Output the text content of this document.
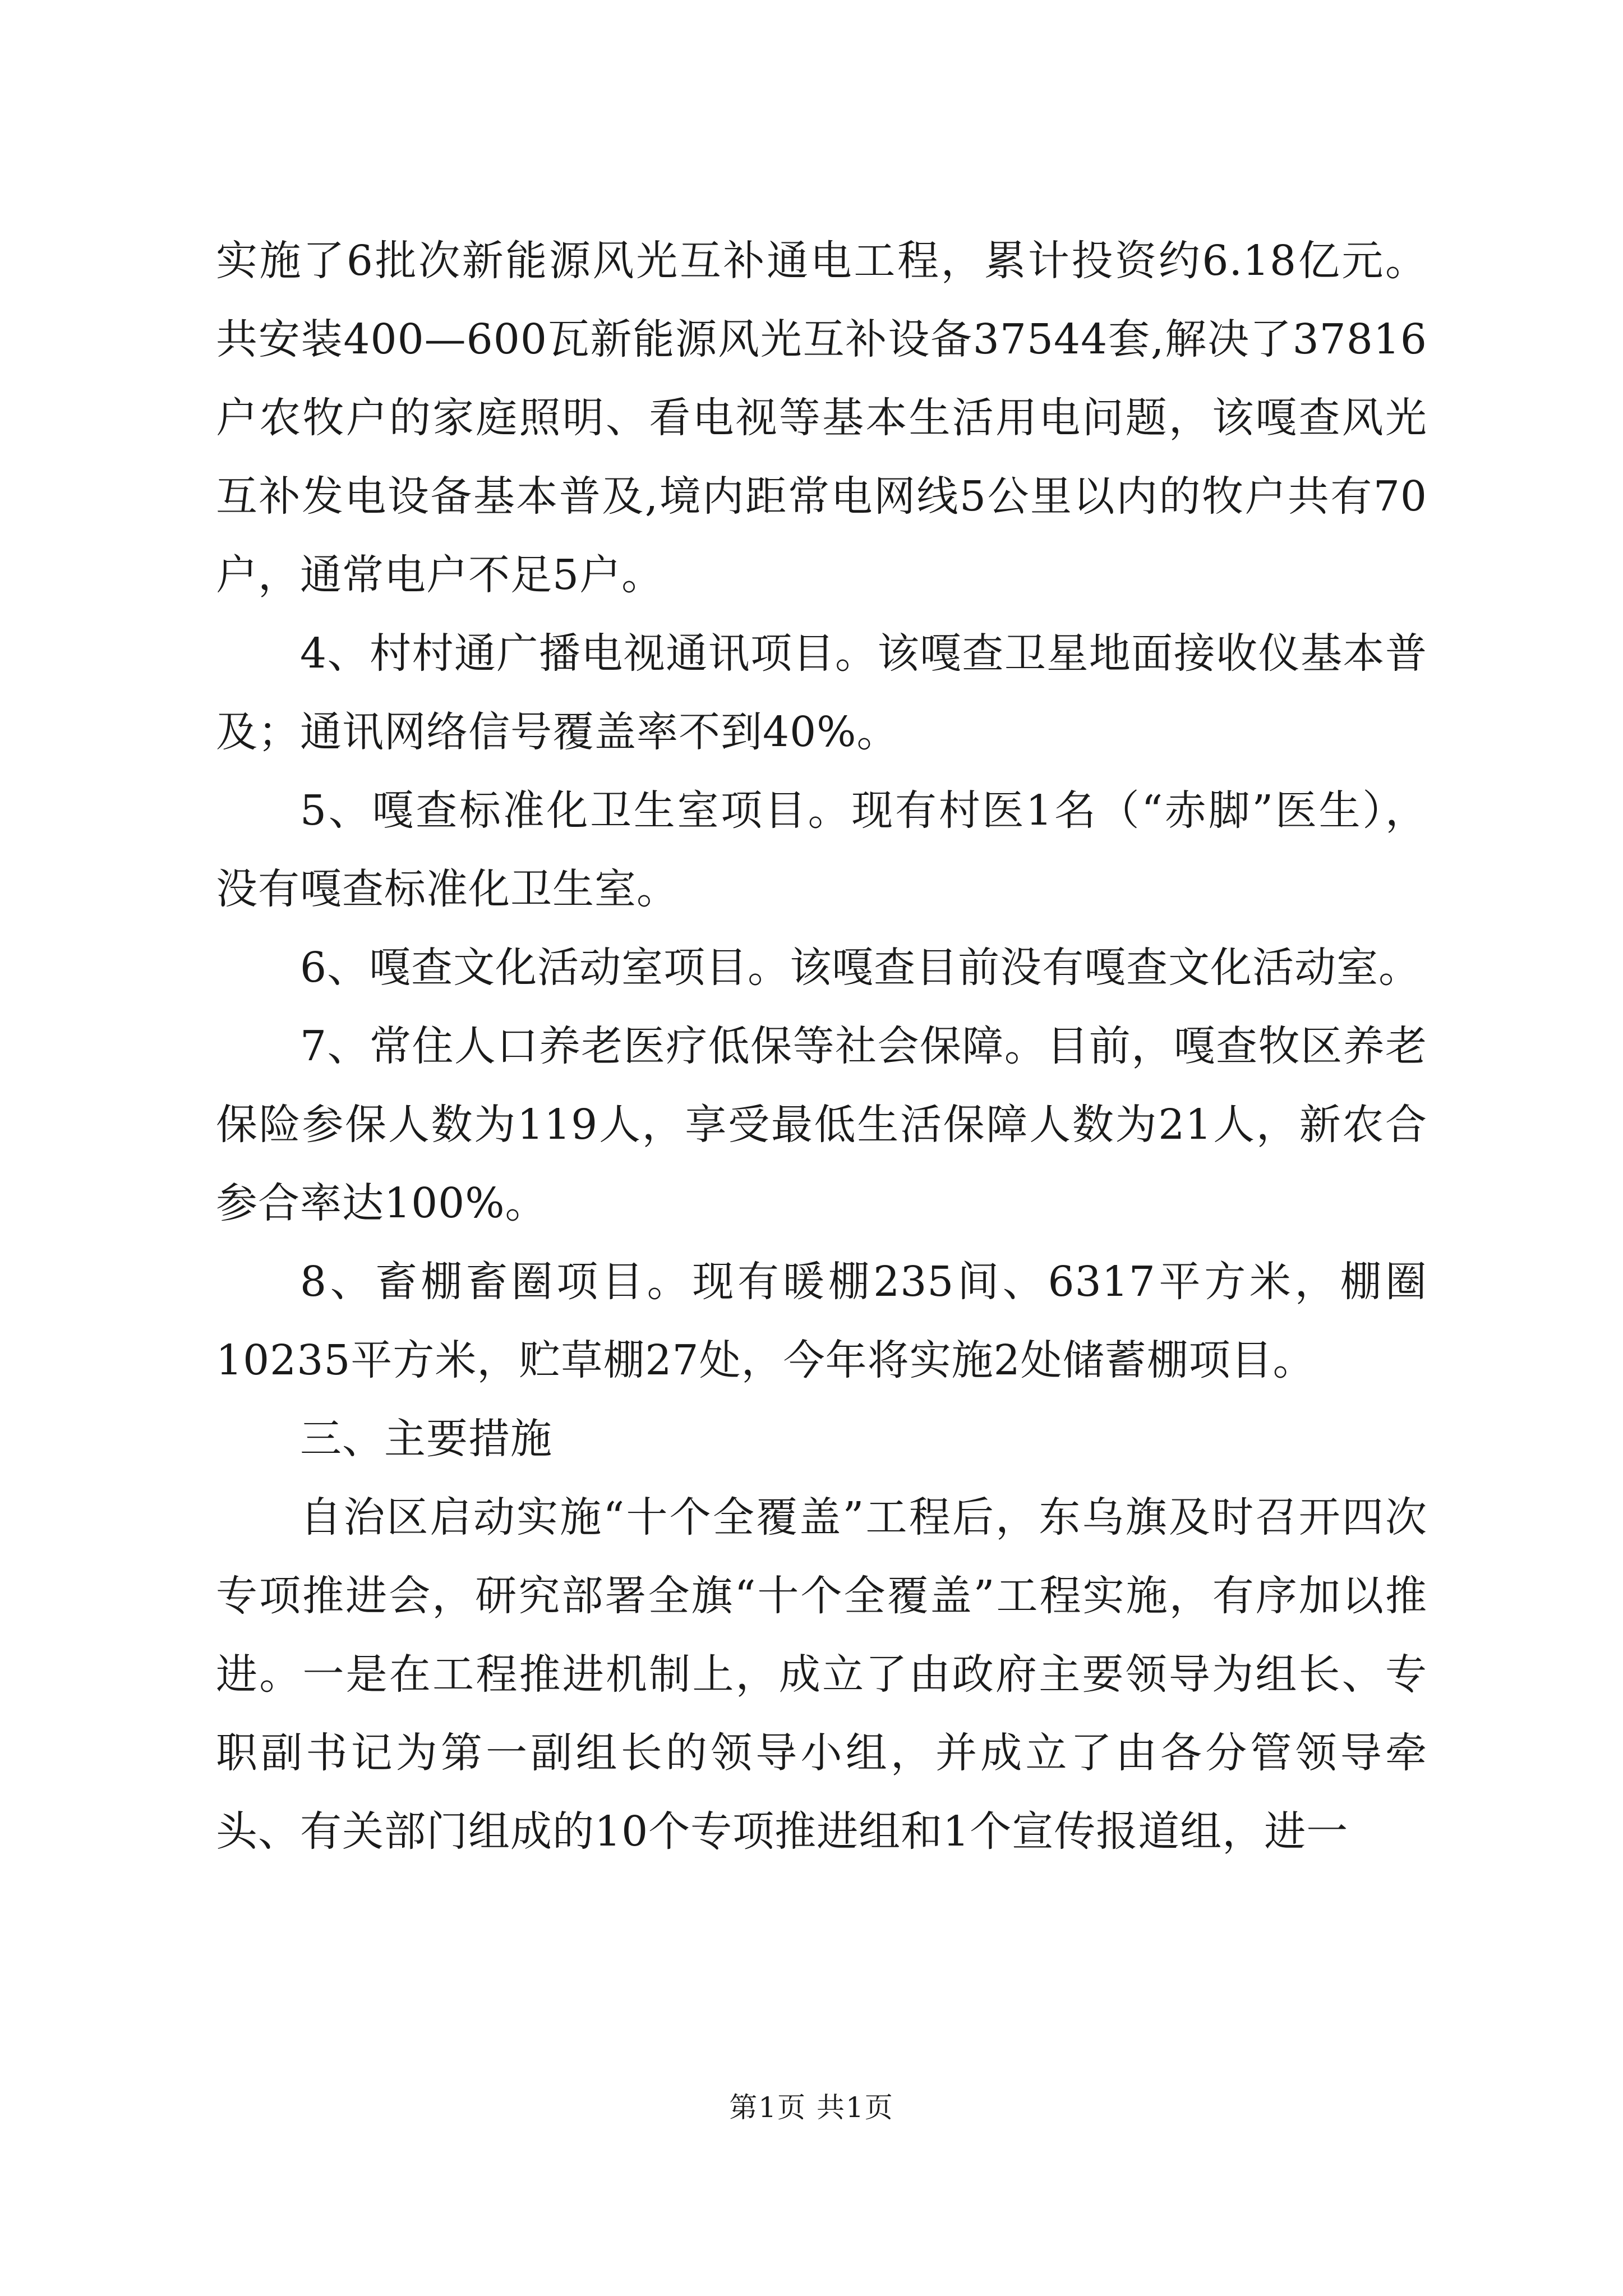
实施了6批次新能源风光互补通电工程，累计投资约6.18亿元。共安装400—600瓦新能源风光互补设备37544套,解决了37816户农牧户的家庭照明、看电视等基本生活用电问题，该嘎查风光互补发电设备基本普及,境内距常电网线5公里以内的牧户共有70户，通常电户不足5户。

4、村村通广播电视通讯项目。该嘎查卫星地面接收仪基本普及；通讯网络信号覆盖率不到40%。

5、嘎查标准化卫生室项目。现有村医1名（“赤脚”医生），没有嘎查标准化卫生室。

6、嘎查文化活动室项目。该嘎查目前没有嘎查文化活动室。

7、常住人口养老医疗低保等社会保障。目前，嘎查牧区养老保险参保人数为119人，享受最低生活保障人数为21人，新农合参合率达100%。

8、畜棚畜圈项目。现有暖棚235间、6317平方米，棚圈10235平方米，贮草棚27处，今年将实施2处储蓄棚项目。

三、主要措施

自治区启动实施“十个全覆盖”工程后，东乌旗及时召开四次专项推进会，研究部署全旗“十个全覆盖”工程实施，有序加以推进。一是在工程推进机制上，成立了由政府主要领导为组长、专职副书记为第一副组长的领导小组，并成立了由各分管领导牵头、有关部门组成的10个专项推进组和1个宣传报道组，进一

第1页 共1页
